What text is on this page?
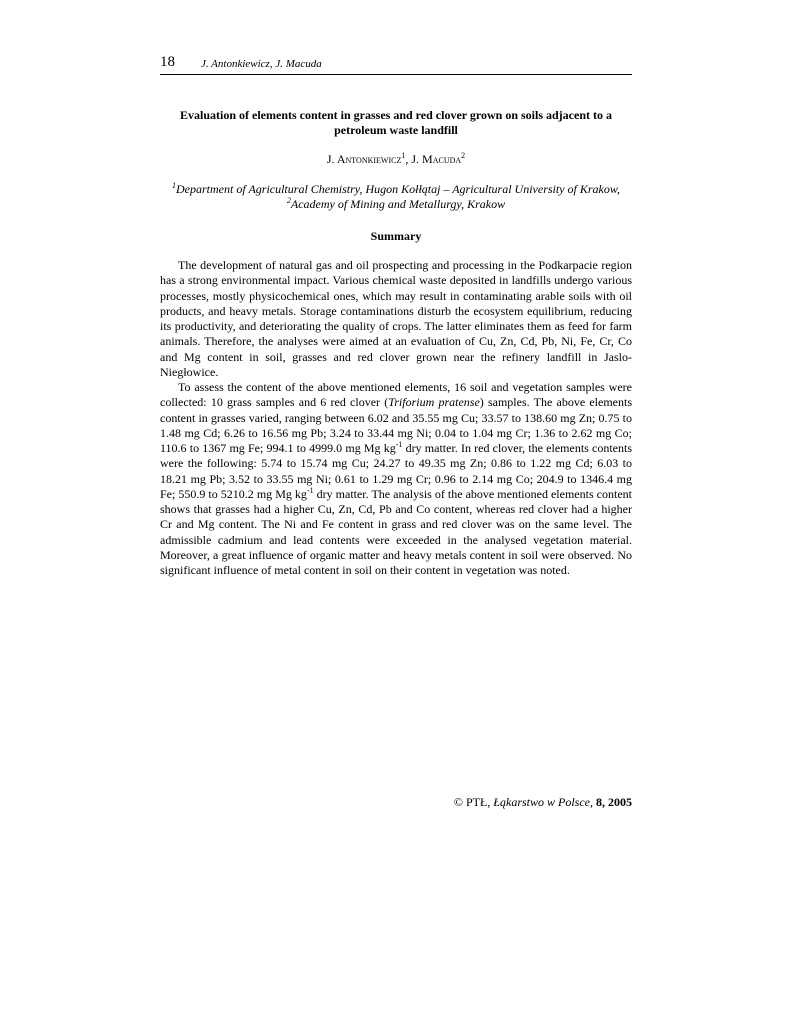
18 J. Antonkiewicz, J. Macuda
Evaluation of elements content in grasses and red clover grown on soils adjacent to a petroleum waste landfill
J. Antonkiewicz$^1$, J. Macuda$^2$
$^1$Department of Agricultural Chemistry, Hugon Kołłątaj – Agricultural University of Krakow, $^2$Academy of Mining and Metallurgy, Krakow
Summary

The development of natural gas and oil prospecting and processing in the Podkarpacie region has a strong environmental impact. Various chemical waste deposited in landfills undergo various processes, mostly physicochemical ones, which may result in contaminating arable soils with oil products, and heavy metals. Storage contaminations disturb the ecosystem equilibrium, reducing its productivity, and deteriorating the quality of crops. The latter eliminates them as feed for farm animals. Therefore, the analyses were aimed at an evaluation of Cu, Zn, Cd, Pb, Ni, Fe, Cr, Co and Mg content in soil, grasses and red clover grown near the refinery landfill in Jaslo-Niegłowice.

To assess the content of the above mentioned elements, 16 soil and vegetation samples were collected: 10 grass samples and 6 red clover (Triforium pratense) samples. The above elements content in grasses varied, ranging between 6.02 and 35.55 mg Cu; 33.57 to 138.60 mg Zn; 0.75 to 1.48 mg Cd; 6.26 to 16.56 mg Pb; 3.24 to 33.44 mg Ni; 0.04 to 1.04 mg Cr; 1.36 to 2.62 mg Co; 110.6 to 1367 mg Fe; 994.1 to 4999.0 mg Mg $kg^{-1}$ dry matter. In red clover, the elements contents were the following: 5.74 to 15.74 mg Cu; 24.27 to 49.35 mg Zn; 0.86 to 1.22 mg Cd; 6.03 to 18.21 mg Pb; 3.52 to 33.55 mg Ni; 0.61 to 1.29 mg Cr; 0.96 to 2.14 mg Co; 204.9 to 1346.4 mg Fe; 550.9 to 5210.2 mg Mg $kg^{-1}$ dry matter. The analysis of the above mentioned elements content shows that grasses had a higher Cu, Zn, Cd, Pb and Co content, whereas red clover had a higher Cr and Mg content. The Ni and Fe content in grass and red clover was on the same level. The admissible cadmium and lead contents were exceeded in the analysed vegetation material. Moreover, a great influence of organic matter and heavy metals content in soil were observed. No significant influence of metal content in soil on their content in vegetation was noted.

© PTŁ, Łąkarstwo w Polsce, 8, 2005
